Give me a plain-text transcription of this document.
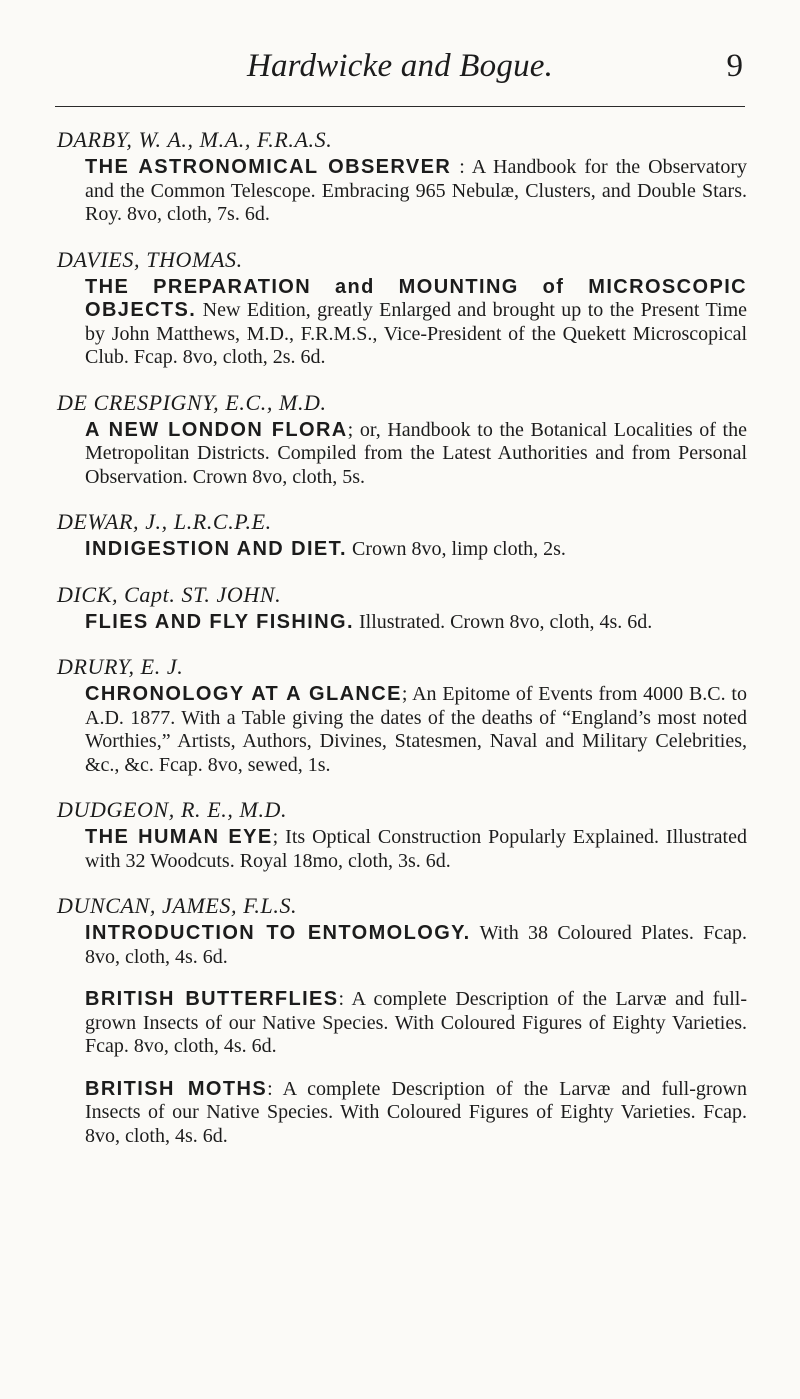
Hardwicke and Bogue.	9
DARBY, W. A., M.A., F.R.A.S.
THE ASTRONOMICAL OBSERVER : A Handbook for the Observatory and the Common Telescope. Embracing 965 Nebulæ, Clusters, and Double Stars. Roy. 8vo, cloth, 7s. 6d.
DAVIES, THOMAS.
THE PREPARATION and MOUNTING of MICROSCOPIC OBJECTS. New Edition, greatly Enlarged and brought up to the Present Time by John Matthews, M.D., F.R.M.S., Vice-President of the Quekett Microscopical Club. Fcap. 8vo, cloth, 2s. 6d.
DE CRESPIGNY, E.C., M.D.
A NEW LONDON FLORA; or, Handbook to the Botanical Localities of the Metropolitan Districts. Compiled from the Latest Authorities and from Personal Observation. Crown 8vo, cloth, 5s.
DEWAR, J., L.R.C.P.E.
INDIGESTION AND DIET. Crown 8vo, limp cloth, 2s.
DICK, Capt. ST. JOHN.
FLIES AND FLY FISHING. Illustrated. Crown 8vo, cloth, 4s. 6d.
DRURY, E. J.
CHRONOLOGY AT A GLANCE; An Epitome of Events from 4000 B.C. to A.D. 1877. With a Table giving the dates of the deaths of “England’s most noted Worthies,” Artists, Authors, Divines, Statesmen, Naval and Military Celebrities, &c., &c. Fcap. 8vo, sewed, 1s.
DUDGEON, R. E., M.D.
THE HUMAN EYE; Its Optical Construction Popularly Explained. Illustrated with 32 Woodcuts. Royal 18mo, cloth, 3s. 6d.
DUNCAN, JAMES, F.L.S.
INTRODUCTION TO ENTOMOLOGY. With 38 Coloured Plates. Fcap. 8vo, cloth, 4s. 6d.
BRITISH BUTTERFLIES: A complete Description of the Larvæ and full-grown Insects of our Native Species. With Coloured Figures of Eighty Varieties. Fcap. 8vo, cloth, 4s. 6d.
BRITISH MOTHS: A complete Description of the Larvæ and full-grown Insects of our Native Species. With Coloured Figures of Eighty Varieties. Fcap. 8vo, cloth, 4s. 6d.
